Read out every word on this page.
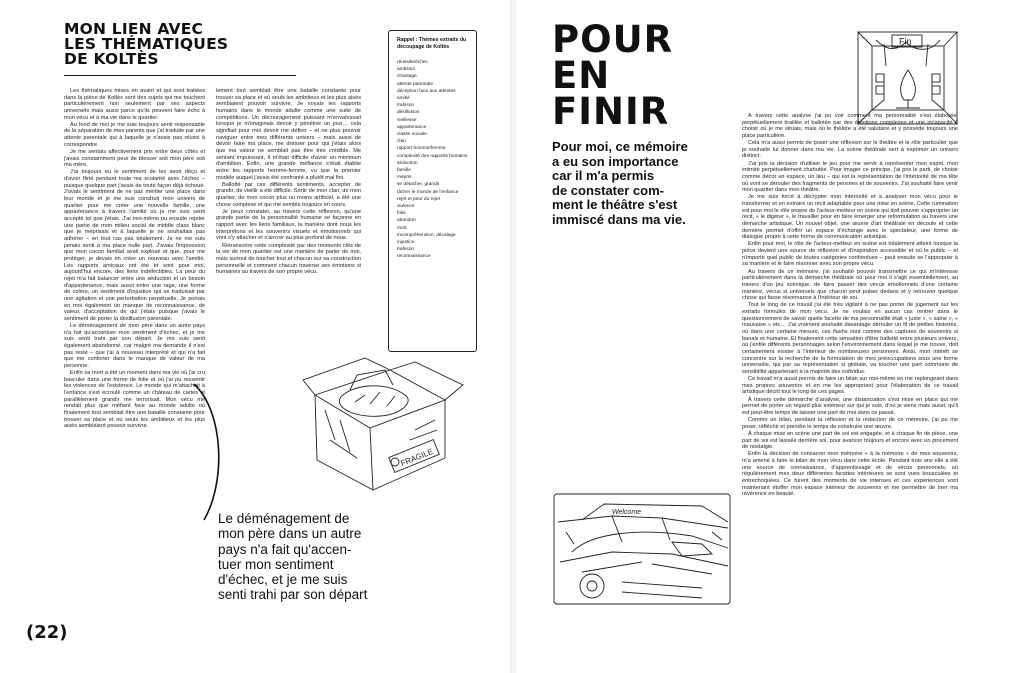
MON LIEN AVEC
LES THÉMATIQUES
DE KOLTÈS

Les thématiques mises en avant et qui sont traitées dans la pièce de Koltès sont des sujets qui me touchent particulièrement non seulement par ses aspects universels mais aussi parce qu'ils peuvent faire écho à mon vécu et à ma vie dans le quartier.

Au fond de moi je me suis toujours senti responsable de la séparation de mes parents que j'ai traduite par une attente parentale qui à laquelle je n'avais pas réussi à correspondre.

Je me sentais affectivement pris entre deux côtés et j'avais constamment peur de blesser soit mon père soit ma mère.

J'ai toujours eu le sentiment de les avoir déçu et d'avoir flirté pendant toute ma scolarité avec l'échec – puisque quelque part j'avais de toute façon déjà échoué. J'avais le sentiment de ne pas mériter une place dans leur monde et je me suis construit mon univers de quartier pour me créer une nouvelle famille, une appartenance à travers l'amitié où je me suis senti accepté tel que j'étais. J'ai moi-même pu ensuite rejeter une partie de mon milieu social de middle class blanc que je méprisais et à laquelle je ne souhaitais pas adhérer – en tout cas pas totalement. Je ne me suis jamais senti à ma place nulle part. J'avais l'impression que mon cocon familial avait explosé et que, pour me protéger, je devais en créer un nouveau avec l'amitié. Les rapports amicaux ont été et sont pour moi, aujourd'hui encore, des liens indéfectibles. La peur du rejet m'a fait balancer entre une séduction et un besoin d'appartenance, mais aussi entre une rage, une forme de colère, un sentiment d'injustice qui se traduisait par une agitation et une perturbation perpétuelle. Je portais en moi également un manque de reconnaissance, de valeur, d'acceptation de qui j'étais puisque j'avais le sentiment de porter la désillusion parentale.

Le déménagement de mon père dans un autre pays n'a fait qu'accentuer mon sentiment d'échec, et je me suis senti trahi par son départ. Je me suis senti également abandonné, car malgré ma demande il n'est pas resté – que j'ai à nouveau interprété et qui n'a fait que me conforter dans le manque de valeur de ma personne.

Enfin sa mort a été un moment dans ma vie où j'ai cru basculer dans une forme de folie et où j'ai pu ressentir les violences de l'existence. Le monde qui m'attachait à l'enfance s'est écroulé comme un château de cartes et parallèlement grandir me terrorisait. Mon vécu me rendait plus que méfiant face au monde adulte où finalement tout semblait être une bataille constante pour trouver sa place et où seuls les ambitieux et les plus aisés semblaient pouvoir survivre.

lement tout semblait être une bataille constante pour trouver sa place et où seuls les ambitieux et les plus aisés semblaient pouvoir survivre. Je voyais les rapports humains dans le monde adulte comme une suite de compétitions. Un découragement puissant m'envahissait lorsque je m'imaginais devoir y pénétrer un jour… cela signifiait pour moi devoir me définir – et ne plus pouvoir naviguer entre mes différents univers – mais aussi de devoir faire ma place, me dresser pour qui j'étais alors que ma valeur ne semblait pas être très crédible. Me sentant impuissant, il m'était difficile d'avoir un minimum d'ambition. Enfin, une grande méfiance s'était établie entre les rapports homme-femme, vu que le premier modèle auquel j'avais été confronté a plutôt mal fini.

Ballotté par ces différents sentiments, accepter de grandir, de vieillir a été difficile. Sortir de mon clan, de mon quartier, de mon cocon plus ou moins artificiel, a été une chose complexe et qui me semble toujours en cours.

Je peux constater, au travers cette réflexion, qu'une grande partie de la personnalité humaine se façonne en rapport avec les liens familiaux, la manière dont nous les interprétons et les souvenirs visuels et émotionnels qui vont s'y attacher et s'ancrer au plus profond de nous.

Retranscrire cette complexité par des moments clés de la vie de mon quartier est une manière de parler de moi, mais surtout de toucher tout et chacun sur sa construction personnelle et comment chacun traverse ses émotions si humaines au travers de son propre vécu.

Rappel : Thèmes extraits du découpage de Koltès
réussite/échec
ambition
chantage
attente parentale
déception face aux attentes
amitié
trahison
désillusion
vieillesse
appartenance
classe sociale
clan
rapport homme/femme
complexité des rapports humains
séduction
famille
mépris
se détacher, grandir
tâcher le monde de l'enfance
rejet et peur du rejet
violence
folie
abandon
mort
incompréhension, décalage
injustice
trahison
reconnaissance
FRAGILE
Le déménagement de
mon père dans un autre
pays n'a fait qu'accen-
tuer mon sentiment
d'échec, et je me suis
senti trahi par son départ
(22)
POUR
EN
FINIR
Pour moi, ce mémoire
a eu son importance
car il m'a permis
de constater com-
ment le théâtre s'est
immiscé dans ma vie.
Fin

À travers cette analyse j'ai pu voir comment ma personnalité s'est élaborée, perpétuellement tiraillée et ballotée par des émotions complexes et une incapacité à choisir où je me situais, mais où le théâtre a été salutaire et y possède toujours une place particulière.

Cela m'a aussi permis de poser une réflexion sur le théâtre et le rôle particulier que je souhaite lui donner dans ma vie. La scène théâtrale sert à exprimer un univers distinct.

J'ai pris la décision d'utiliser le jeu pour me servir à représenter mon esprit, mon intimité perpétuellement chahutée. Pour imager ce principe, j'ai pris le parti, de choisir comme décor un espace, un lieu – qui est la représentation de l'intériorité de ma tête où vont se dérouler des fragments de pensées et de souvenirs. J'ai souhaité faire venir mon quartier dans mon théâtre.

Je me suis forcé à décrypter mon intériorité et à analyser mon vécu pour le transformer et en extraire un récit adaptable pour une mise en scène. Cette rumination est pour moi le rôle propre de l'acteur-metteur en scène qui doit pouvoir s'approprier un récit, « le digérer », le travailler pour en faire émerger une reformulation au travers une démarche artistique. Un nouvel objet, une œuvre d'art théâtrale en découle et cette dernière permet d'offrir un espace d'échange avec le spectateur, une forme de dialogue propre à cette forme de communication artistique.

Enfin pour moi, le rôle de l'acteur-metteur en scène est totalement atteint lorsque la pièce devient une source de réflexion et d'inspiration accessible et où le public – et n'importe quel public de toutes catégories confondues – peut ensuite se l'approprier à sa manière et le faire résonner avec son propre vécu.

Au travers de ce mémoire, j'ai souhaité pouvoir transmettre ce qui m'intéresse particulièrement dans la démarche théâtrale où pour moi il s'agit essentiellement, au travers d'un jeu scénique, de faire passer des vécus émotionnels d'une certaine manière, vécus si universels que chacun peut puiser dedans et y retrouver quelque chose qui fasse résonnance à l'intérieur de soi.

Tout le long de ce travail j'ai été très vigilant à ne pas porter de jugement sur les extraits formulés de mon vécu. Je ne voulais en aucun cas rentrer dans le questionnement de savoir quelle facette de ma personnalité était « juste », « saine », « mauvaise » etc… J'ai vraiment souhaité davantage dérouler un fil de petites histoires, où dans une certaine mesure, ces flashs sont comme des captures de souvenirs si banals et humains. Et finalement cette sensation d'être ballotté entre plusieurs univers, où j'enfile différents personnages selon l'environnement dans lequel je me trouve, doit certainement exister à l'intérieur de nombreuses personnes. Ainsi, mon intérêt se concentre sur la recherche de la formulation de mes préoccupations sous une forme universelle, qui par sa représentation si globale, va toucher une part commune de sensibilité appartenant à la majorité des individus.

Ce travail m'a aussi permis de faire un bilan sur moi-même en me replongeant dans mes propres souvenirs et en me les appropriant pour l'élaboration de ce travail artistique décrit tout le long de ces pages.

À travers cette démarche d'analyse, une distanciation s'est mise en place qui me permet de porter un regard plus extérieur sur qui je suis, d'où je viens mais aussi, qu'il est peut-être temps de laisser une part de moi dans ce passé.

Comme un bilan, pendant la réflexion et la rédaction de ce mémoire, j'ai pu me poser, réfléchir et prendre le temps de construire une œuvre.

À chaque mise en scène une part de soi est engagée, et à chaque fin de pièce, une part de soi est laissée derrière soi, pour avancer toujours et encore avec un pincement de nostalgie.

Enfin la décision de consacrer mon mémoire « à la mémoire » de mes souvenirs, m'a amené à faire le bilan de mon vécu dans cette école. Pendant trois ans elle a été une source de connaissance, d'apprentissage et de vécus personnels, où régulièrement mes deux différentes facettes intérieures se sont vues bousculées et entrechoquées. Ce furent des moments de vie intenses et ces expériences vont maintenant étoffer mon espace intérieur de souvenirs et me permettre de tirer ma révérence en beauté.

Welcome
